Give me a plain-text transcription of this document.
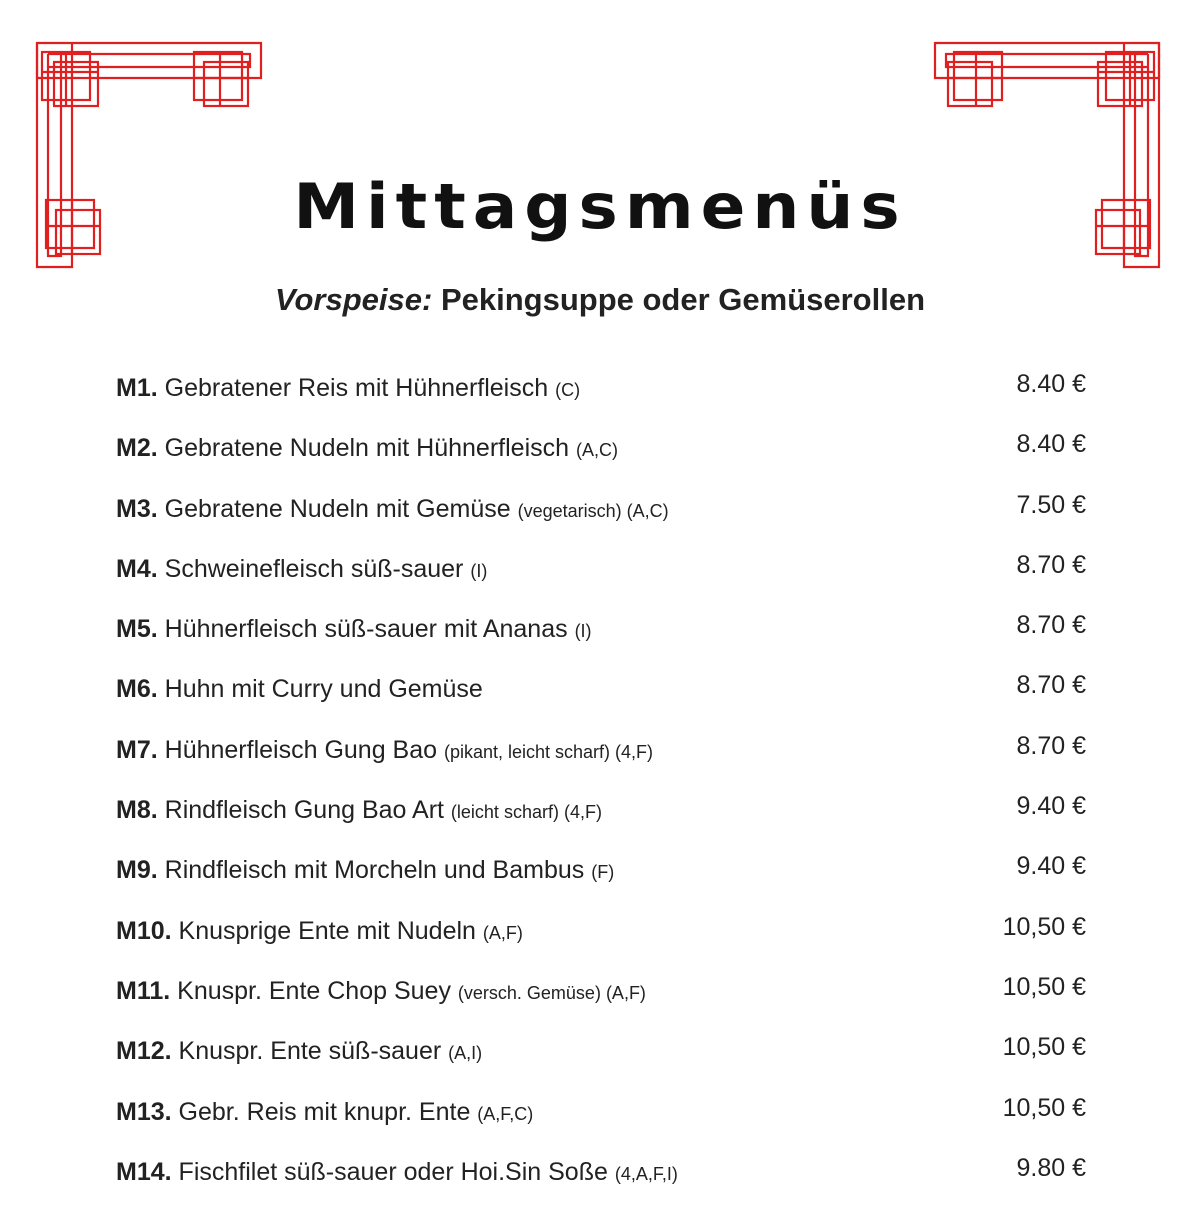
Mittagsmenüs
Vorspeise: Pekingsuppe oder Gemüserollen
M1. Gebratener Reis mit Hühnerfleisch (C)	8.40 €
M2. Gebratene Nudeln mit Hühnerfleisch (A,C)	8.40 €
M3. Gebratene Nudeln mit Gemüse (vegetarisch) (A,C)	7.50 €
M4. Schweinefleisch süß-sauer (I)	8.70 €
M5. Hühnerfleisch süß-sauer mit Ananas (I)	8.70 €
M6. Huhn mit Curry und Gemüse	8.70 €
M7. Hühnerfleisch Gung Bao (pikant, leicht scharf) (4,F)	8.70 €
M8. Rindfleisch Gung Bao Art (leicht scharf) (4,F)	9.40 €
M9. Rindfleisch mit Morcheln und Bambus (F)	9.40 €
M10. Knusprige Ente mit Nudeln (A,F)	10,50 €
M11. Knuspr. Ente Chop Suey (versch. Gemüse) (A,F)	10,50 €
M12. Knuspr. Ente süß-sauer (A,I)	10,50 €
M13. Gebr. Reis mit knupr. Ente (A,F,C)	10,50 €
M14. Fischfilet süß-sauer oder Hoi.Sin Soße (4,A,F,I)	9.80 €
